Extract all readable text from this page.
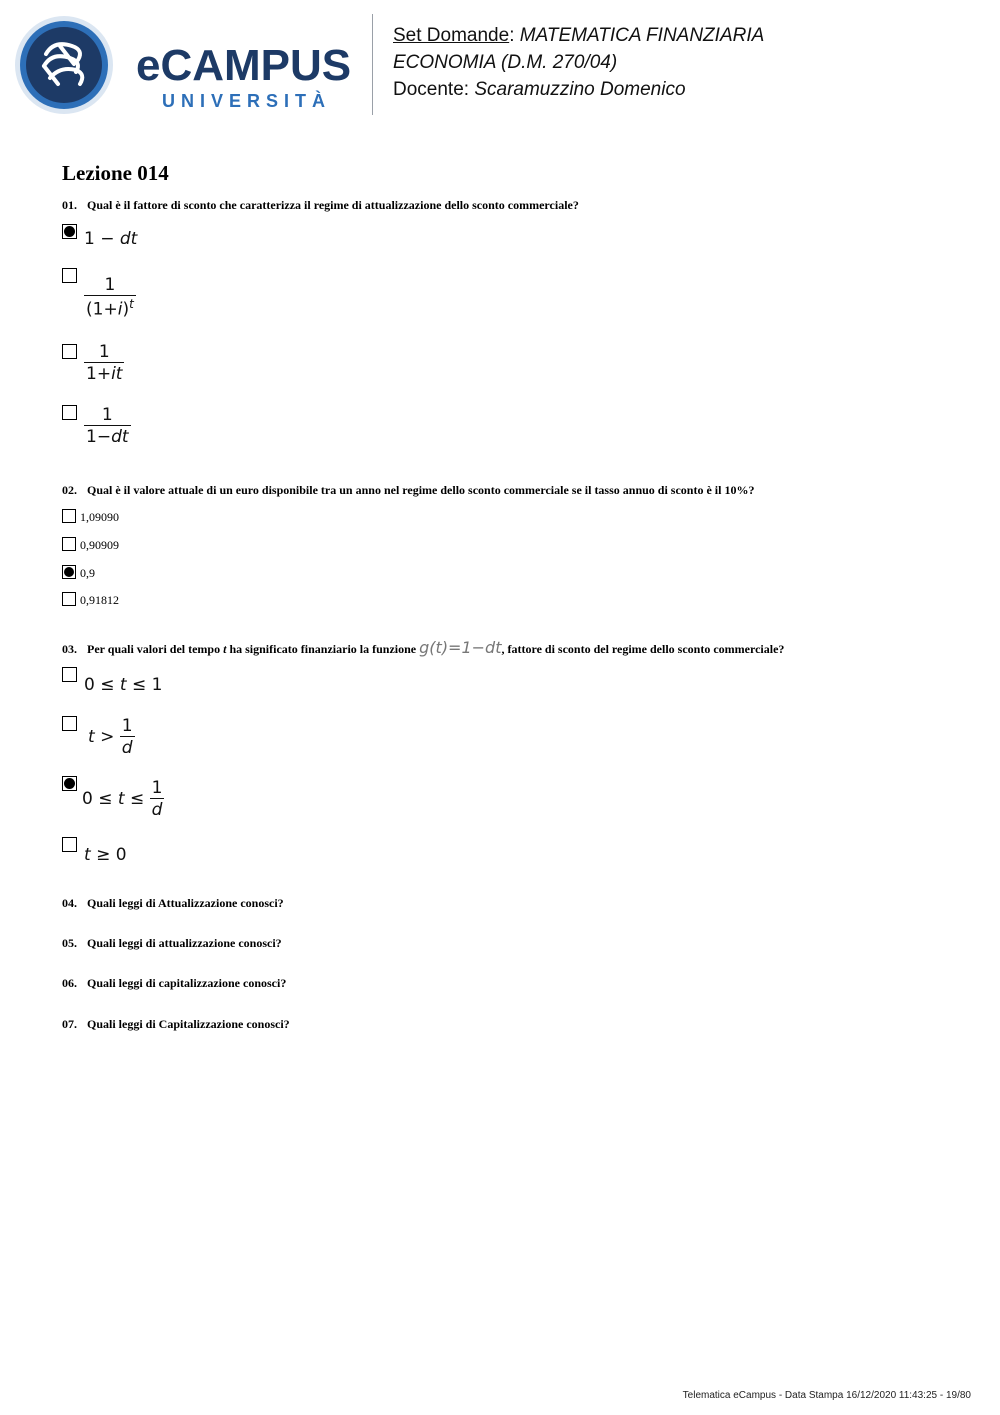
eCAMPUS
UNIVERSITÀ
Set Domande: MATEMATICA FINANZIARIA
ECONOMIA (D.M. 270/04)
Docente: Scaramuzzino Domenico
Lezione 014
01. Qual è il fattore di sconto che caratterizza il regime di attualizzazione dello sconto commerciale?
1 − dt
$\frac{1}{(1+i)^t}$
$\frac{1}{1+it}$
$\frac{1}{1-dt}$
02. Qual è il valore attuale di un euro disponibile tra un anno nel regime dello sconto commerciale se il tasso annuo di sconto è il 10%?
1,09090
0,90909
0,9
0,91812
03. Per quali valori del tempo t ha significato finanziario la funzione g(t)=1−dt, fattore di sconto del regime dello sconto commerciale?
0 ≤ t ≤ 1
$t > \frac{1}{d}$
$0 \le t \le \frac{1}{d}$
t ≥ 0
04. Quali leggi di Attualizzazione conosci?
05. Quali leggi di attualizzazione conosci?
06. Quali leggi di capitalizzazione conosci?
07. Quali leggi di Capitalizzazione conosci?
Telematica eCampus - Data Stampa 16/12/2020 11:43:25 - 19/80
